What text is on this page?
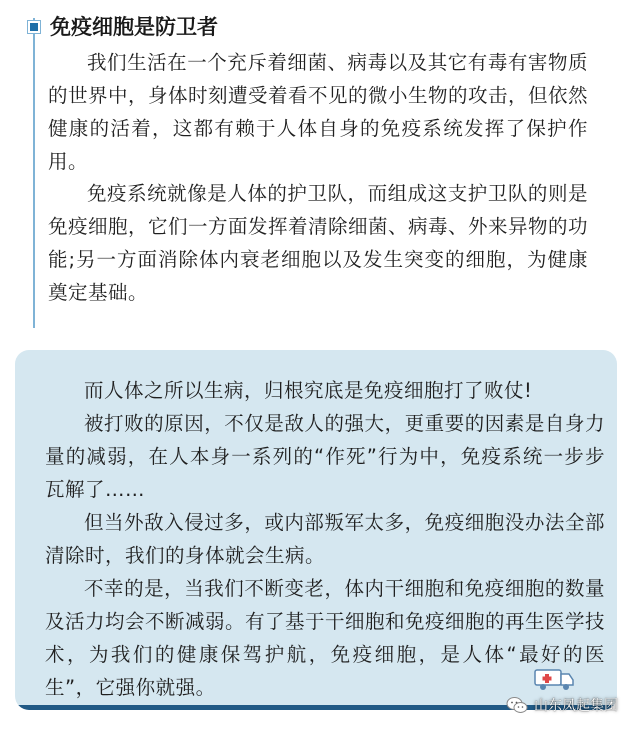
免疫细胞是防卫者

我们生活在一个充斥着细菌、病毒以及其它有毒有害物质的世界中，身体时刻遭受着看不见的微小生物的攻击，但依然健康的活着，这都有赖于人体自身的免疫系统发挥了保护作用。

免疫系统就像是人体的护卫队，而组成这支护卫队的则是免疫细胞，它们一方面发挥着清除细菌、病毒、外来异物的功能;另一方面消除体内衰老细胞以及发生突变的细胞，为健康奠定基础。

而人体之所以生病，归根究底是免疫细胞打了败仗!

被打败的原因，不仅是敌人的强大，更重要的因素是自身力量的减弱，在人本身一系列的“作死”行为中，免疫系统一步步瓦解了……

但当外敌入侵过多，或内部叛军太多，免疫细胞没办法全部清除时，我们的身体就会生病。

不幸的是，当我们不断变老，体内干细胞和免疫细胞的数量及活力均会不断减弱。有了基于干细胞和免疫细胞的再生医学技术，为我们的健康保驾护航，免疫细胞，是人体“最好的医生”，它强你就强。

山东凤起集团
